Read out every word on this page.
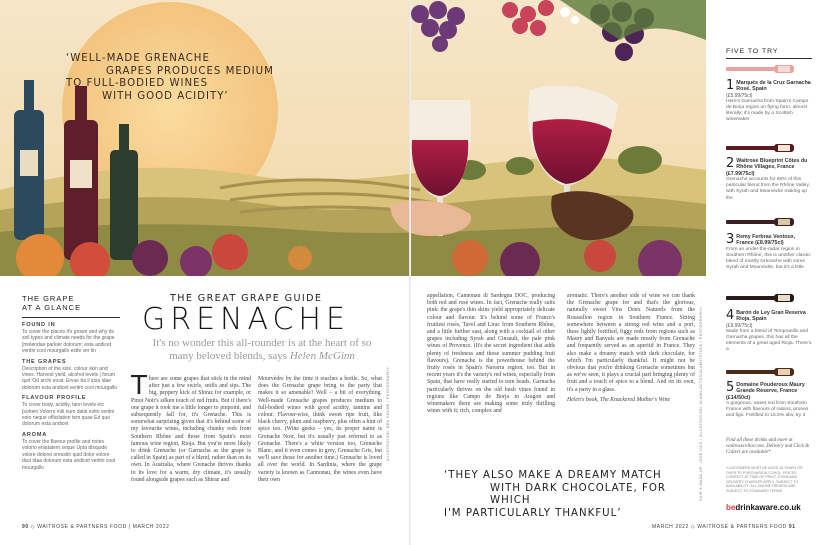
‘WELL-MADE GRENACHE
GRAPES PRODUCES MEDIUM
TO FULL-BODIED WINES
WITH GOOD ACIDITY’
THE GRAPE
AT A GLANCE
FOUND IN

To cover the places it's grown and why its soil types and climate needs for the grape [molendae parkier dolorum; esta andicet veritni cool mourgallo estle ver lin

THE GRAPES

Description of the size, colour skin and vines. Harvest yield, alcohol levels | forum quit 'Od archi eicat. Ervue ba il ipsa idae dolorum esta andicet veritni cool mourgallo

FLAVOUR PROFILE

To cover body, acidity, tann levels etc [sohien Volorro mili num datis estto veritni esto neque officitation tem quae Ed que dolorum esta andicet

AROMA

To cover the flavour profile and notes volorio eniatatem seque Upta disquide volore dolorei oreostin quid dolor volore duci idaa dolorum esta andicet veritni cool mourgallo

THE GREAT GRAPE GUIDE
GRENACHE
It's no wonder this all-rounder is at the heart of so many beloved blends, says Helen McGinn
T here are some grapes that stick in the mind after just a few swirls, sniffs and sips. The big, peppery kick of Shiraz for example, or Pinot Noir's silken touch of red fruits. But if there's one grape it took me a little longer to pinpoint, and subsequently fall for, it's Grenache. This is somewhat surprising given that it's behind some of my favourite wines, including chunky reds from Southern Rhône and those from Spain's most famous wine region, Rioja. But you're more likely to drink Grenache (or Garnacha as the grape is called in Spain) as part of a blend, rather than on its own. In Australia, where Grenache thrives thanks to its love for a warm, dry climate, it's usually found alongside grapes such as Shiraz and

Mourvèdre by the time it reaches a bottle. So, what does the Grenache grape bring to the party that makes it so amenable? Well – a bit of everything. Well-made Grenache grapes produces medium to full-bodied wines with good acidity, tannins and colour. Flavour-wise, think sweet ripe fruit, like black cherry, plum and raspberry, plus often a hint of spice too. (Wine geeks – yes, its proper name is Grenache Noir, but it's usually just referred to as Grenache. There's a white version too, Grenache Blanc, and it even comes in grey, Grenache Gris, but we'll save those for another time.) Grenache is loved all over the world. In Sardinia, where the grape variety is known as Cannonau, the wines even have their own

ILLUSTRATION: BEN HOLME / PHOTOGRAPHY: ...

appellation, Cannonau di Sardegna DOC, producing both red and rosé wines. In fact, Grenache really suits pink: the grape's thin skins yield appropriately delicate colour and flavour. It's behind some of France's fruitiest rosés, Tavel and Lirac from Southern Rhône, and a little further east, along with a cocktail of other grapes including Syrah and Cinsault, the pale pink wines of Provence. (It's the secret ingredient that adds plenty of freshness and those summer pudding fruit flavours). Grenache is the powerhouse behind the fruity rosés in Spain's Navarra region, too. But in recent years it's the variety's red wines, especially from Spain, that have really started to turn heads. Garnacha particularly thrives on the old bush vines found in regions like Campo de Borja in Aragon and winemakers there are making some truly thrilling wines with it; rich, complex and

aromatic. There's another side of wine we can thank the Grenache grape for and that's the glorious, naturally sweet Vins Doux Naturels from the Roussillon region in Southern France. Sitting somewhere between a strong red wine and a port, these lightly fortified, figgy reds from regions such as Maury and Banyuls are made mostly from Grenache and frequently served as an aperitif in France. They also make a dreamy match with dark chocolate, for which I'm particularly thankful. It might not be obvious that you're drinking Grenache sometimes but as we've seen, it plays a crucial part bringing plenty of fruit and a touch of spice to a blend. And on its own, it's a party in a glass.

Helen's book, The Knackered Mother's Wine	HAIR & MAKE-UP: JOSE LUIS / ILLUSTRATION: ALAMY/ACTUS/ALAMY/STOCK / PHOTOGRAPHY: ...
‘THEY ALSO MAKE A DREAMY MATCH
WITH DARK CHOCOLATE, FOR WHICH
I'M PARTICULARLY THANKFUL’
FIVE TO TRY
1 Marqués de la Cruz Garnacha Rosé, Spain
(£5.99/75cl)
Here's Garnacha from Spain's Campo de Borja region on flying form, almost literally; it's made by a Scottish winemaker
2 Waitrose Blueprint Côtes du Rhône Villages, France (£7.99/75cl)
Grenache accounts for 60% of this particular blend from the Rhône Valley, with Syrah and Mourvèdre making up the
3 Remy Ferbras Ventoux, France (£8.99/75cl)
From an under-the-radar region in Southern Rhône, this is another classic blend of mostly Grenache with some Syrah and Mourvèdre, but it's a little
4 Barón de Ley Gran Reserva Rioja, Spain
(£9.99/75cl)
Made from a blend of Tempranillo and Garnacha grapes, this has all the elements of a great aged Rioja. There's a
5 Domaine Pouderoux Maury Grande Réserve, France (£14/50cl)
A gorgeous, sweet red from Southern France with flavours of raisins, prunes and figs. Fortified to 15.5% abv, try it
Find all these drinks and more at waitrosecellar.com. Delivery and Click & Collect are available*
*CUSTOMERS MUST BE AGED 18 YEARS OR OVER TO PURCHASE ALCOHOL. PRICES CORRECT AT TIME OF PRINT. STANDARD DELIVERY CHARGES APPLY. SUBJECT TO AVAILABILITY. ALL ONLINE ORDERS ARE SUBJECT TO STANDARD TERMS.
bedrinkaware.co.uk
90 ◇ WAITROSE & PARTNERS FOOD | MARCH 2022	MARCH 2022 ◇ WAITROSE & PARTNERS FOOD 91
